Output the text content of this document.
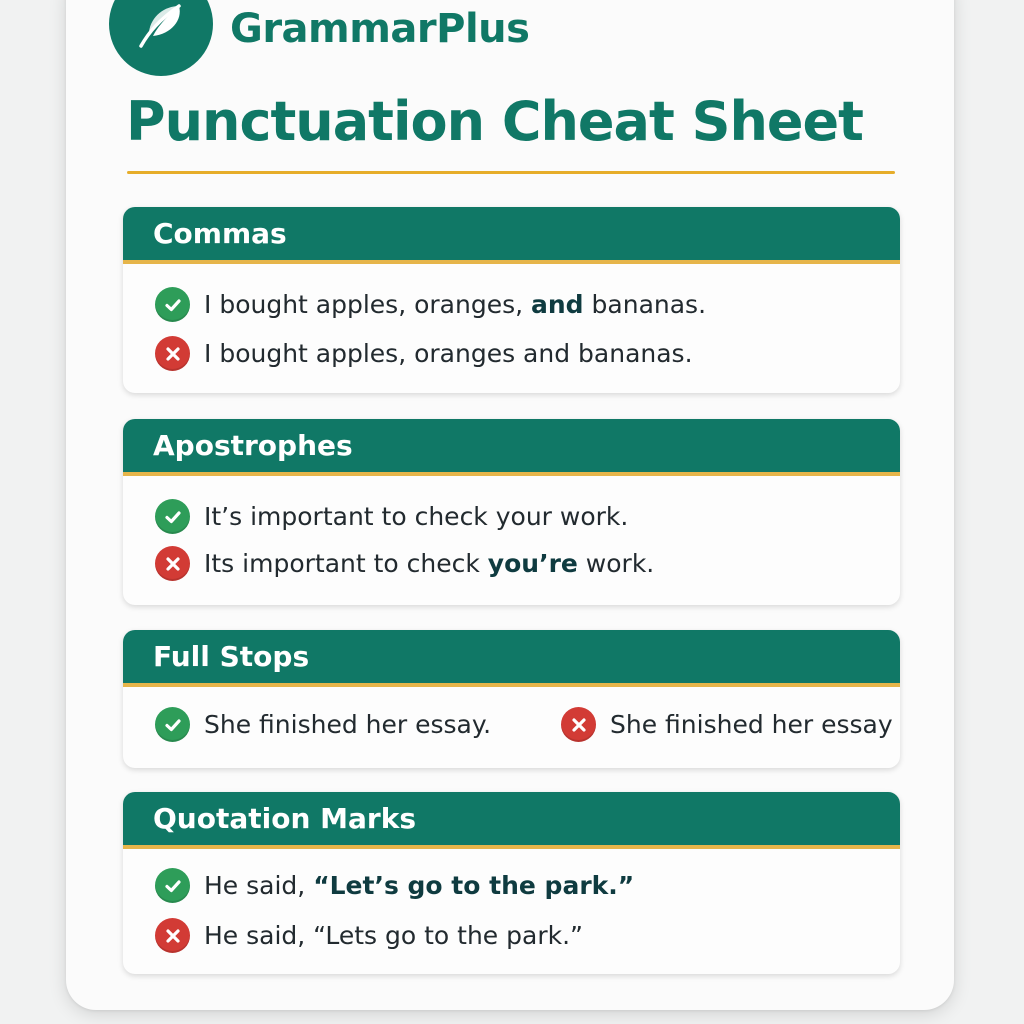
GrammarPlus
Punctuation Cheat Sheet
Commas
I bought apples, oranges, and bananas.
I bought apples, oranges and bananas.
Apostrophes
It’s important to check your work.
Its important to check you’re work.
Full Stops
She finished her essay.	She finished her essay
Quotation Marks
He said, “Let’s go to the park.”
He said, “Lets go to the park.”
